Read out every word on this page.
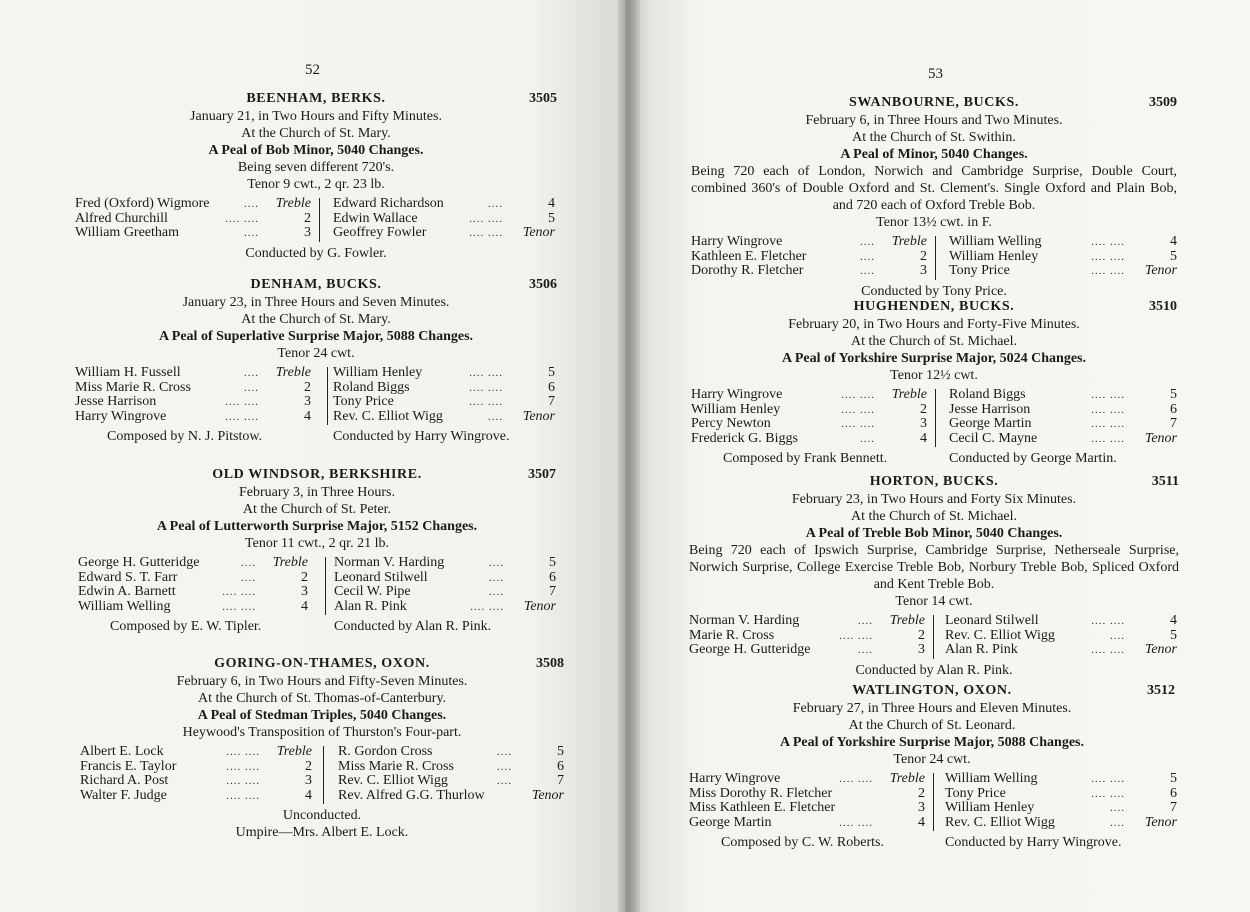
52
BEENHAM, BERKS.	3505
January 21, in Two Hours and Fifty Minutes.
At the Church of St. Mary.
A Peal of Bob Minor, 5040 Changes.
Being seven different 720's.
Tenor 9 cwt., 2 qr. 23 lb.
Fred (Oxford) Wigmore	....	Treble
Alfred Churchill	.... ....	2
William Greetham	....	3
Edward Richardson	....	4
Edwin Wallace	.... ....	5
Geoffrey Fowler	.... ....	Tenor
Conducted by G. Fowler.
DENHAM, BUCKS.	3506
January 23, in Three Hours and Seven Minutes.
At the Church of St. Mary.
A Peal of Superlative Surprise Major, 5088 Changes.
Tenor 24 cwt.
William H. Fussell	....	Treble
Miss Marie R. Cross	....	2
Jesse Harrison	.... ....	3
Harry Wingrove	.... ....	4
William Henley	.... ....	5
Roland Biggs	.... ....	6
Tony Price	.... ....	7
Rev. C. Elliot Wigg	....	Tenor
Composed by N. J. Pitstow.	Conducted by Harry Wingrove.
OLD WINDSOR, BERKSHIRE.	3507
February 3, in Three Hours.
At the Church of St. Peter.
A Peal of Lutterworth Surprise Major, 5152 Changes.
Tenor 11 cwt., 2 qr. 21 lb.
George H. Gutteridge	....	Treble
Edward S. T. Farr	....	2
Edwin A. Barnett	.... ....	3
William Welling	.... ....	4
Norman V. Harding	....	5
Leonard Stilwell	....	6
Cecil W. Pipe	....	7
Alan R. Pink	.... ....	Tenor
Composed by E. W. Tipler.	Conducted by Alan R. Pink.
GORING-ON-THAMES, OXON.	3508
February 6, in Two Hours and Fifty-Seven Minutes.
At the Church of St. Thomas-of-Canterbury.
A Peal of Stedman Triples, 5040 Changes.
Heywood's Transposition of Thurston's Four-part.
Albert E. Lock	.... ....	Treble
Francis E. Taylor	.... ....	2
Richard A. Post	.... ....	3
Walter F. Judge	.... ....	4
R. Gordon Cross	....	5
Miss Marie R. Cross	....	6
Rev. C. Elliot Wigg	....	7
Rev. Alfred G.G. Thurlow	Tenor
Unconducted.
Umpire—Mrs. Albert E. Lock.
53
SWANBOURNE, BUCKS.	3509
February 6, in Three Hours and Two Minutes.
At the Church of St. Swithin.
A Peal of Minor, 5040 Changes.
Being 720 each of London, Norwich and Cambridge Surprise, Double Court, combined 360's of Double Oxford and St. Clement's. Single Oxford and Plain Bob, and 720 each of Oxford Treble Bob.
Tenor 13½ cwt. in F.
Harry Wingrove	....	Treble
Kathleen E. Fletcher	....	2
Dorothy R. Fletcher	....	3
William Welling	.... ....	4
William Henley	.... ....	5
Tony Price	.... ....	Tenor
Conducted by Tony Price.
HUGHENDEN, BUCKS.	3510
February 20, in Two Hours and Forty-Five Minutes.
At the Church of St. Michael.
A Peal of Yorkshire Surprise Major, 5024 Changes.
Tenor 12½ cwt.
Harry Wingrove	.... ....	Treble
William Henley	.... ....	2
Percy Newton	.... ....	3
Frederick G. Biggs	....	4
Roland Biggs	.... ....	5
Jesse Harrison	.... ....	6
George Martin	.... ....	7
Cecil C. Mayne	.... ....	Tenor
Composed by Frank Bennett.	Conducted by George Martin.
HORTON, BUCKS.	3511
February 23, in Two Hours and Forty Six Minutes.
At the Church of St. Michael.
A Peal of Treble Bob Minor, 5040 Changes.
Being 720 each of Ipswich Surprise, Cambridge Surprise, Netherseale Surprise, Norwich Surprise, College Exercise Treble Bob, Norbury Treble Bob, Spliced Oxford and Kent Treble Bob.
Tenor 14 cwt.
Norman V. Harding	....	Treble
Marie R. Cross	.... ....	2
George H. Gutteridge	....	3
Leonard Stilwell	.... ....	4
Rev. C. Elliot Wigg	....	5
Alan R. Pink	.... ....	Tenor
Conducted by Alan R. Pink.
WATLINGTON, OXON.	3512
February 27, in Three Hours and Eleven Minutes.
At the Church of St. Leonard.
A Peal of Yorkshire Surprise Major, 5088 Changes.
Tenor 24 cwt.
Harry Wingrove	.... ....	Treble
Miss Dorothy R. Fletcher	2
Miss Kathleen E. Fletcher	3
George Martin	.... ....	4
William Welling	.... ....	5
Tony Price	.... ....	6
William Henley	....	7
Rev. C. Elliot Wigg	....	Tenor
Composed by C. W. Roberts.	Conducted by Harry Wingrove.
